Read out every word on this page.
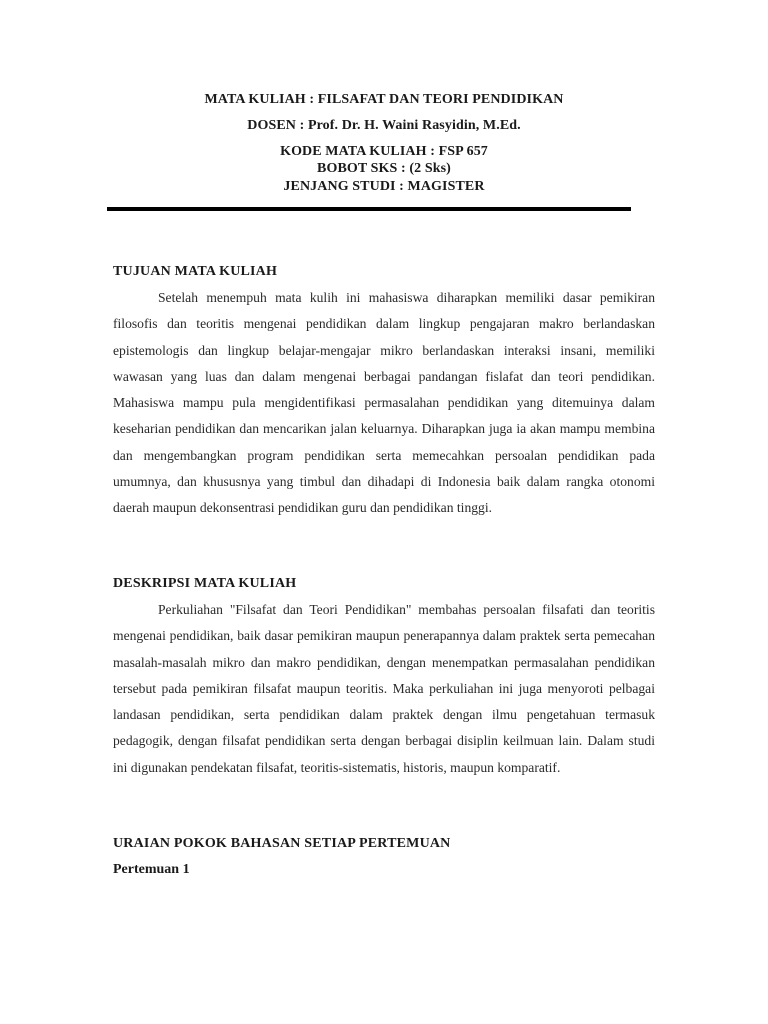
MATA KULIAH : FILSAFAT DAN TEORI PENDIDIKAN
DOSEN : Prof. Dr. H. Waini Rasyidin, M.Ed.
KODE MATA KULIAH : FSP 657
BOBOT SKS : (2 Sks)
JENJANG STUDI : MAGISTER
TUJUAN MATA KULIAH
Setelah menempuh mata kulih ini mahasiswa diharapkan memiliki dasar pemikiran filosofis dan teoritis mengenai pendidikan dalam lingkup pengajaran makro berlandaskan epistemologis dan lingkup belajar-mengajar mikro berlandaskan interaksi insani, memiliki wawasan yang luas dan dalam mengenai berbagai pandangan fislafat dan teori pendidikan. Mahasiswa mampu pula mengidentifikasi permasalahan pendidikan yang ditemuinya dalam keseharian pendidikan dan mencarikan jalan keluarnya. Diharapkan juga ia akan mampu membina dan mengembangkan program pendidikan serta memecahkan persoalan pendidikan pada umumnya, dan khususnya yang timbul dan dihadapi di Indonesia baik dalam rangka otonomi daerah maupun dekonsentrasi pendidikan guru dan pendidikan tinggi.
DESKRIPSI MATA KULIAH
Perkuliahan "Filsafat dan Teori Pendidikan" membahas persoalan filsafati dan teoritis mengenai pendidikan, baik dasar pemikiran maupun penerapannya dalam praktek serta pemecahan masalah-masalah mikro dan makro pendidikan, dengan menempatkan permasalahan pendidikan tersebut pada pemikiran filsafat maupun teoritis. Maka perkuliahan ini juga menyoroti pelbagai landasan pendidikan, serta pendidikan dalam praktek dengan ilmu pengetahuan termasuk pedagogik, dengan filsafat pendidikan serta dengan berbagai disiplin keilmuan lain. Dalam studi ini digunakan pendekatan filsafat, teoritis-sistematis, historis, maupun komparatif.
URAIAN POKOK BAHASAN SETIAP PERTEMUAN
Pertemuan 1
